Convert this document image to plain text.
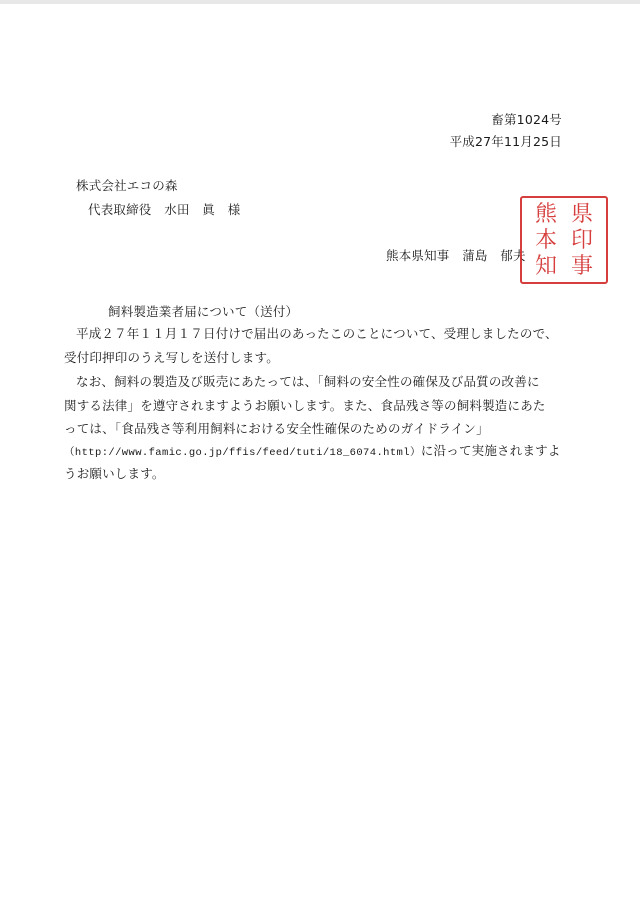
畜第1024号
平成27年11月25日
株式会社エコの森
代表取締役　水田　眞　様
熊本県知事　蒲島　郁夫
県
印
事
熊
本
知
飼料製造業者届について（送付）
平成２７年１１月１７日付けで届出のあったこのことについて、受理しましたので、
受付印押印のうえ写しを送付します。
なお、飼料の製造及び販売にあたっては、「飼料の安全性の確保及び品質の改善に
関する法律」を遵守されますようお願いします。また、食品残さ等の飼料製造にあた
っては、「食品残さ等利用飼料における安全性確保のためのガイドライン」
（http://www.famic.go.jp/ffis/feed/tuti/18_6074.html）に沿って実施されますよ
うお願いします。
